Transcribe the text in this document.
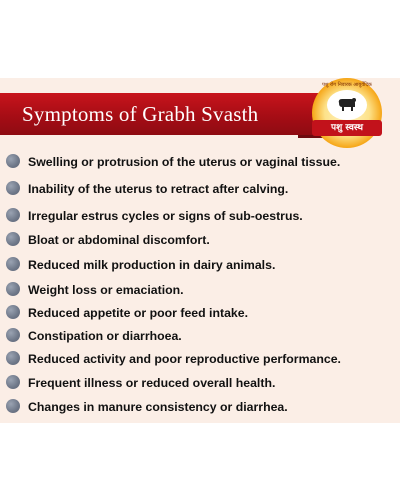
Symptoms of Grabh Svasth
पशु रोग निवारक आयुर्वेदिक
पशु स्वस्थ
Swelling or protrusion of the uterus or vaginal tissue.
Inability of the uterus to retract after calving.
Irregular estrus cycles or signs of sub-oestrus.
Bloat or abdominal discomfort.
Reduced milk production in dairy animals.
Weight loss or emaciation.
Reduced appetite or poor feed intake.
Constipation or diarrhoea.
Reduced activity and poor reproductive performance.
Frequent illness or reduced overall health.
Changes in manure consistency or diarrhea.
